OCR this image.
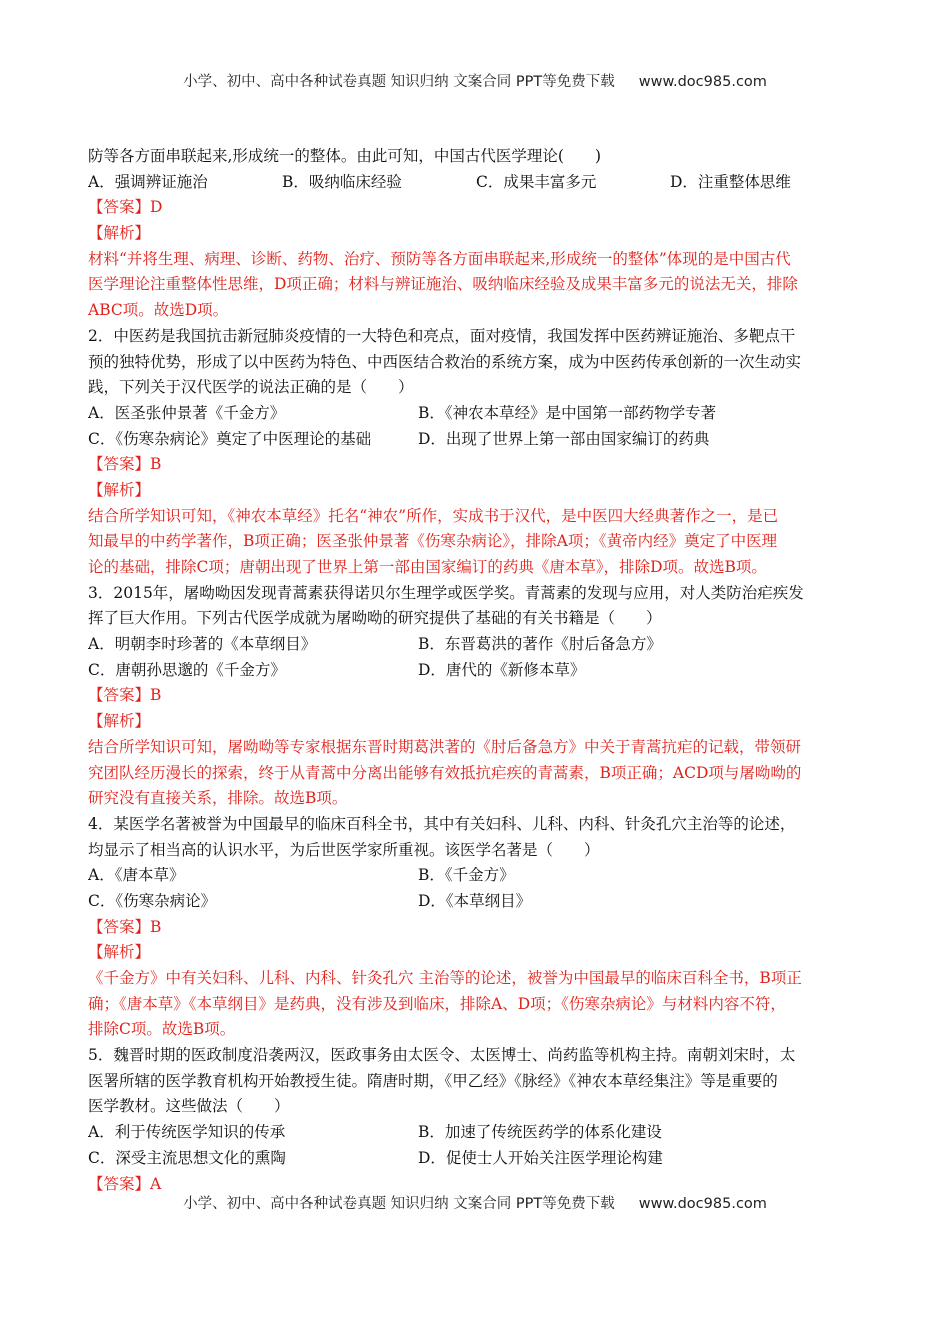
小学、初中、高中各种试卷真题 知识归纳 文案合同 PPT等免费下载 www.doc985.com
防等各方面串联起来,形成统一的整体。由此可知，中国古代医学理论(　　)
A．强调辨证施治	B．吸纳临床经验	C．成果丰富多元	D．注重整体思维
【答案】D
【解析】
材料“并将生理、病理、诊断、药物、治疗、预防等各方面串联起来,形成统一的整体”体现的是中国古代
医学理论注重整体性思维，D项正确；材料与辨证施治、吸纳临床经验及成果丰富多元的说法无关，排除
ABC项。故选D项。
2．中医药是我国抗击新冠肺炎疫情的一大特色和亮点，面对疫情，我国发挥中医药辨证施治、多靶点干
预的独特优势，形成了以中医药为特色、中西医结合救治的系统方案，成为中医药传承创新的一次生动实
践，下列关于汉代医学的说法正确的是（　　）
A．医圣张仲景著《千金方》	B．《神农本草经》是中国第一部药物学专著
C．《伤寒杂病论》奠定了中医理论的基础	D．出现了世界上第一部由国家编订的药典
【答案】B
【解析】
结合所学知识可知，《神农本草经》托名“神农”所作，实成书于汉代，是中医四大经典著作之一，是已
知最早的中药学著作，B项正确；医圣张仲景著《伤寒杂病论》，排除A项；《黄帝内经》奠定了中医理
论的基础，排除C项；唐朝出现了世界上第一部由国家编订的药典《唐本草》，排除D项。故选B项。
3．2015年，屠呦呦因发现青蒿素获得诺贝尔生理学或医学奖。青蒿素的发现与应用，对人类防治疟疾发
挥了巨大作用。下列古代医学成就为屠呦呦的研究提供了基础的有关书籍是（　　）
A．明朝李时珍著的《本草纲目》	B．东晋葛洪的著作《肘后备急方》
C．唐朝孙思邈的《千金方》	D．唐代的《新修本草》
【答案】B
【解析】
结合所学知识可知，屠呦呦等专家根据东晋时期葛洪著的《肘后备急方》中关于青蒿抗疟的记载，带领研
究团队经历漫长的探索，终于从青蒿中分离出能够有效抵抗疟疾的青蒿素，B项正确；ACD项与屠呦呦的
研究没有直接关系，排除。故选B项。
4．某医学名著被誉为中国最早的临床百科全书，其中有关妇科、儿科、内科、针灸孔穴主治等的论述，
均显示了相当高的认识水平，为后世医学家所重视。该医学名著是（　　）
A．《唐本草》	B．《千金方》
C．《伤寒杂病论》	D．《本草纲目》
【答案】B
【解析】
《千金方》中有关妇科、儿科、内科、针灸孔穴 主治等的论述，被誉为中国最早的临床百科全书，B项正
确；《唐本草》《本草纲目》是药典，没有涉及到临床，排除A、D项；《伤寒杂病论》与材料内容不符，
排除C项。故选B项。
5．魏晋时期的医政制度沿袭两汉，医政事务由太医令、太医博士、尚药监等机构主持。南朝刘宋时，太
医署所辖的医学教育机构开始教授生徒。隋唐时期，《甲乙经》《脉经》《神农本草经集注》等是重要的
医学教材。这些做法（　　）
A．利于传统医学知识的传承	B．加速了传统医药学的体系化建设
C．深受主流思想文化的熏陶	D．促使士人开始关注医学理论构建
【答案】A
小学、初中、高中各种试卷真题 知识归纳 文案合同 PPT等免费下载 www.doc985.com
